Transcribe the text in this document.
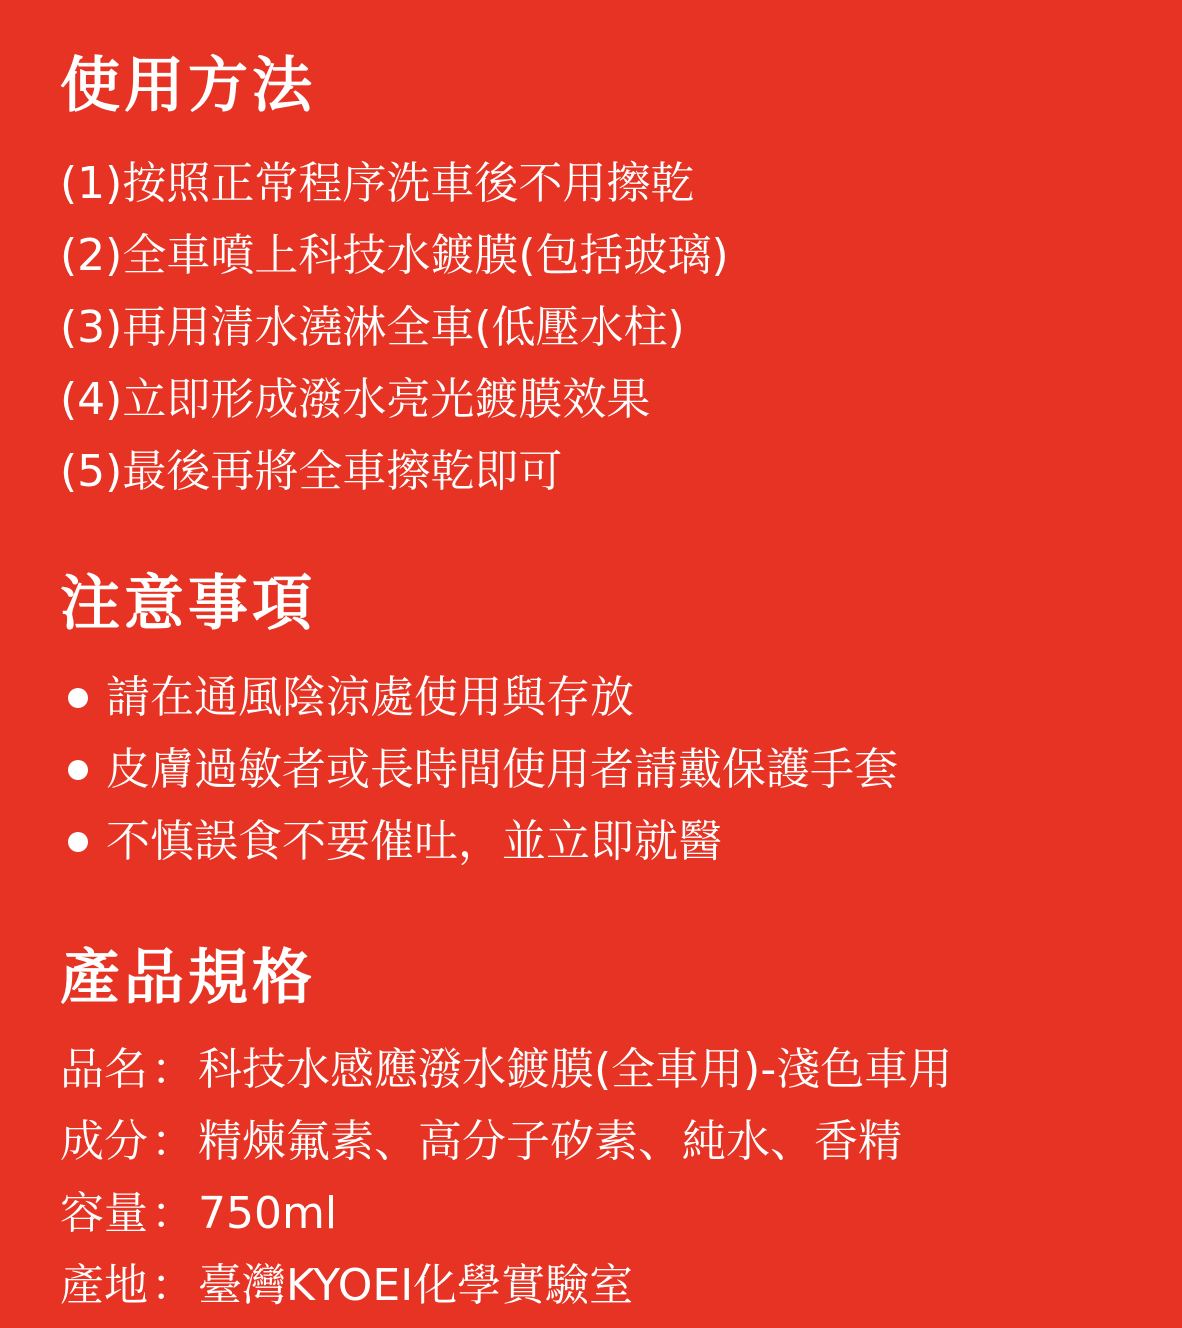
使用方法
(1)按照正常程序洗車後不用擦乾
(2)全車噴上科技水鍍膜(包括玻璃)
(3)再用清水澆淋全車(低壓水柱)
(4)立即形成潑水亮光鍍膜效果
(5)最後再將全車擦乾即可
注意事項
請在通風陰涼處使用與存放
皮膚過敏者或長時間使用者請戴保護手套
不慎誤食不要催吐，並立即就醫
產品規格
品名 ： 科技水感應潑水鍍膜(全車用)-淺色車用
成分 ： 精煉氟素、高分子矽素、純水、香精
容量 ： 750ml
產地 ： 臺灣KYOEI化學實驗室
